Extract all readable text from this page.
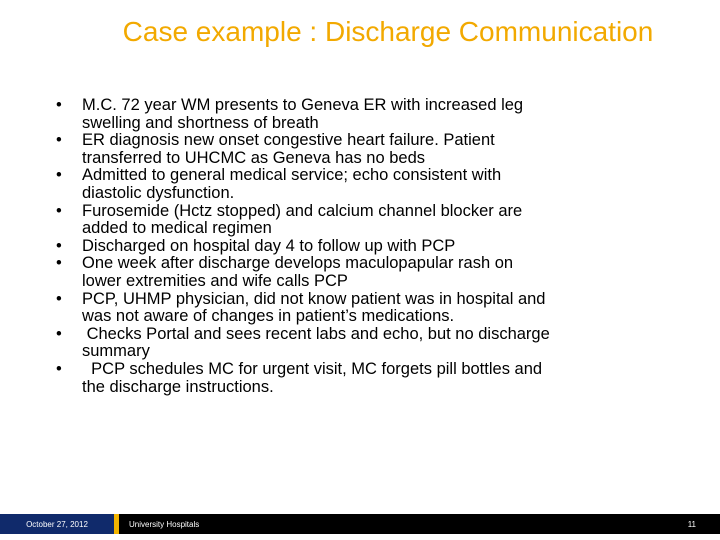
Case example : Discharge Communication
• M.C. 72 year WM presents to Geneva ER with increased leg
swelling and shortness of breath
• ER diagnosis new onset congestive heart failure. Patient
transferred to UHCMC as Geneva has no beds
• Admitted to general medical service; echo consistent with
diastolic dysfunction.
• Furosemide (Hctz stopped) and calcium channel blocker are
added to medical regimen
• Discharged on hospital day 4 to follow up with PCP
• One week after discharge develops maculopapular rash on
lower extremities and wife calls PCP
• PCP, UHMP physician, did not know patient was in hospital and
was not aware of changes in patient’s medications.
• Checks Portal and sees recent labs and echo, but no discharge
summary
• PCP schedules MC for urgent visit, MC forgets pill bottles and
the discharge instructions.
October 27, 2012	University Hospitals	11
